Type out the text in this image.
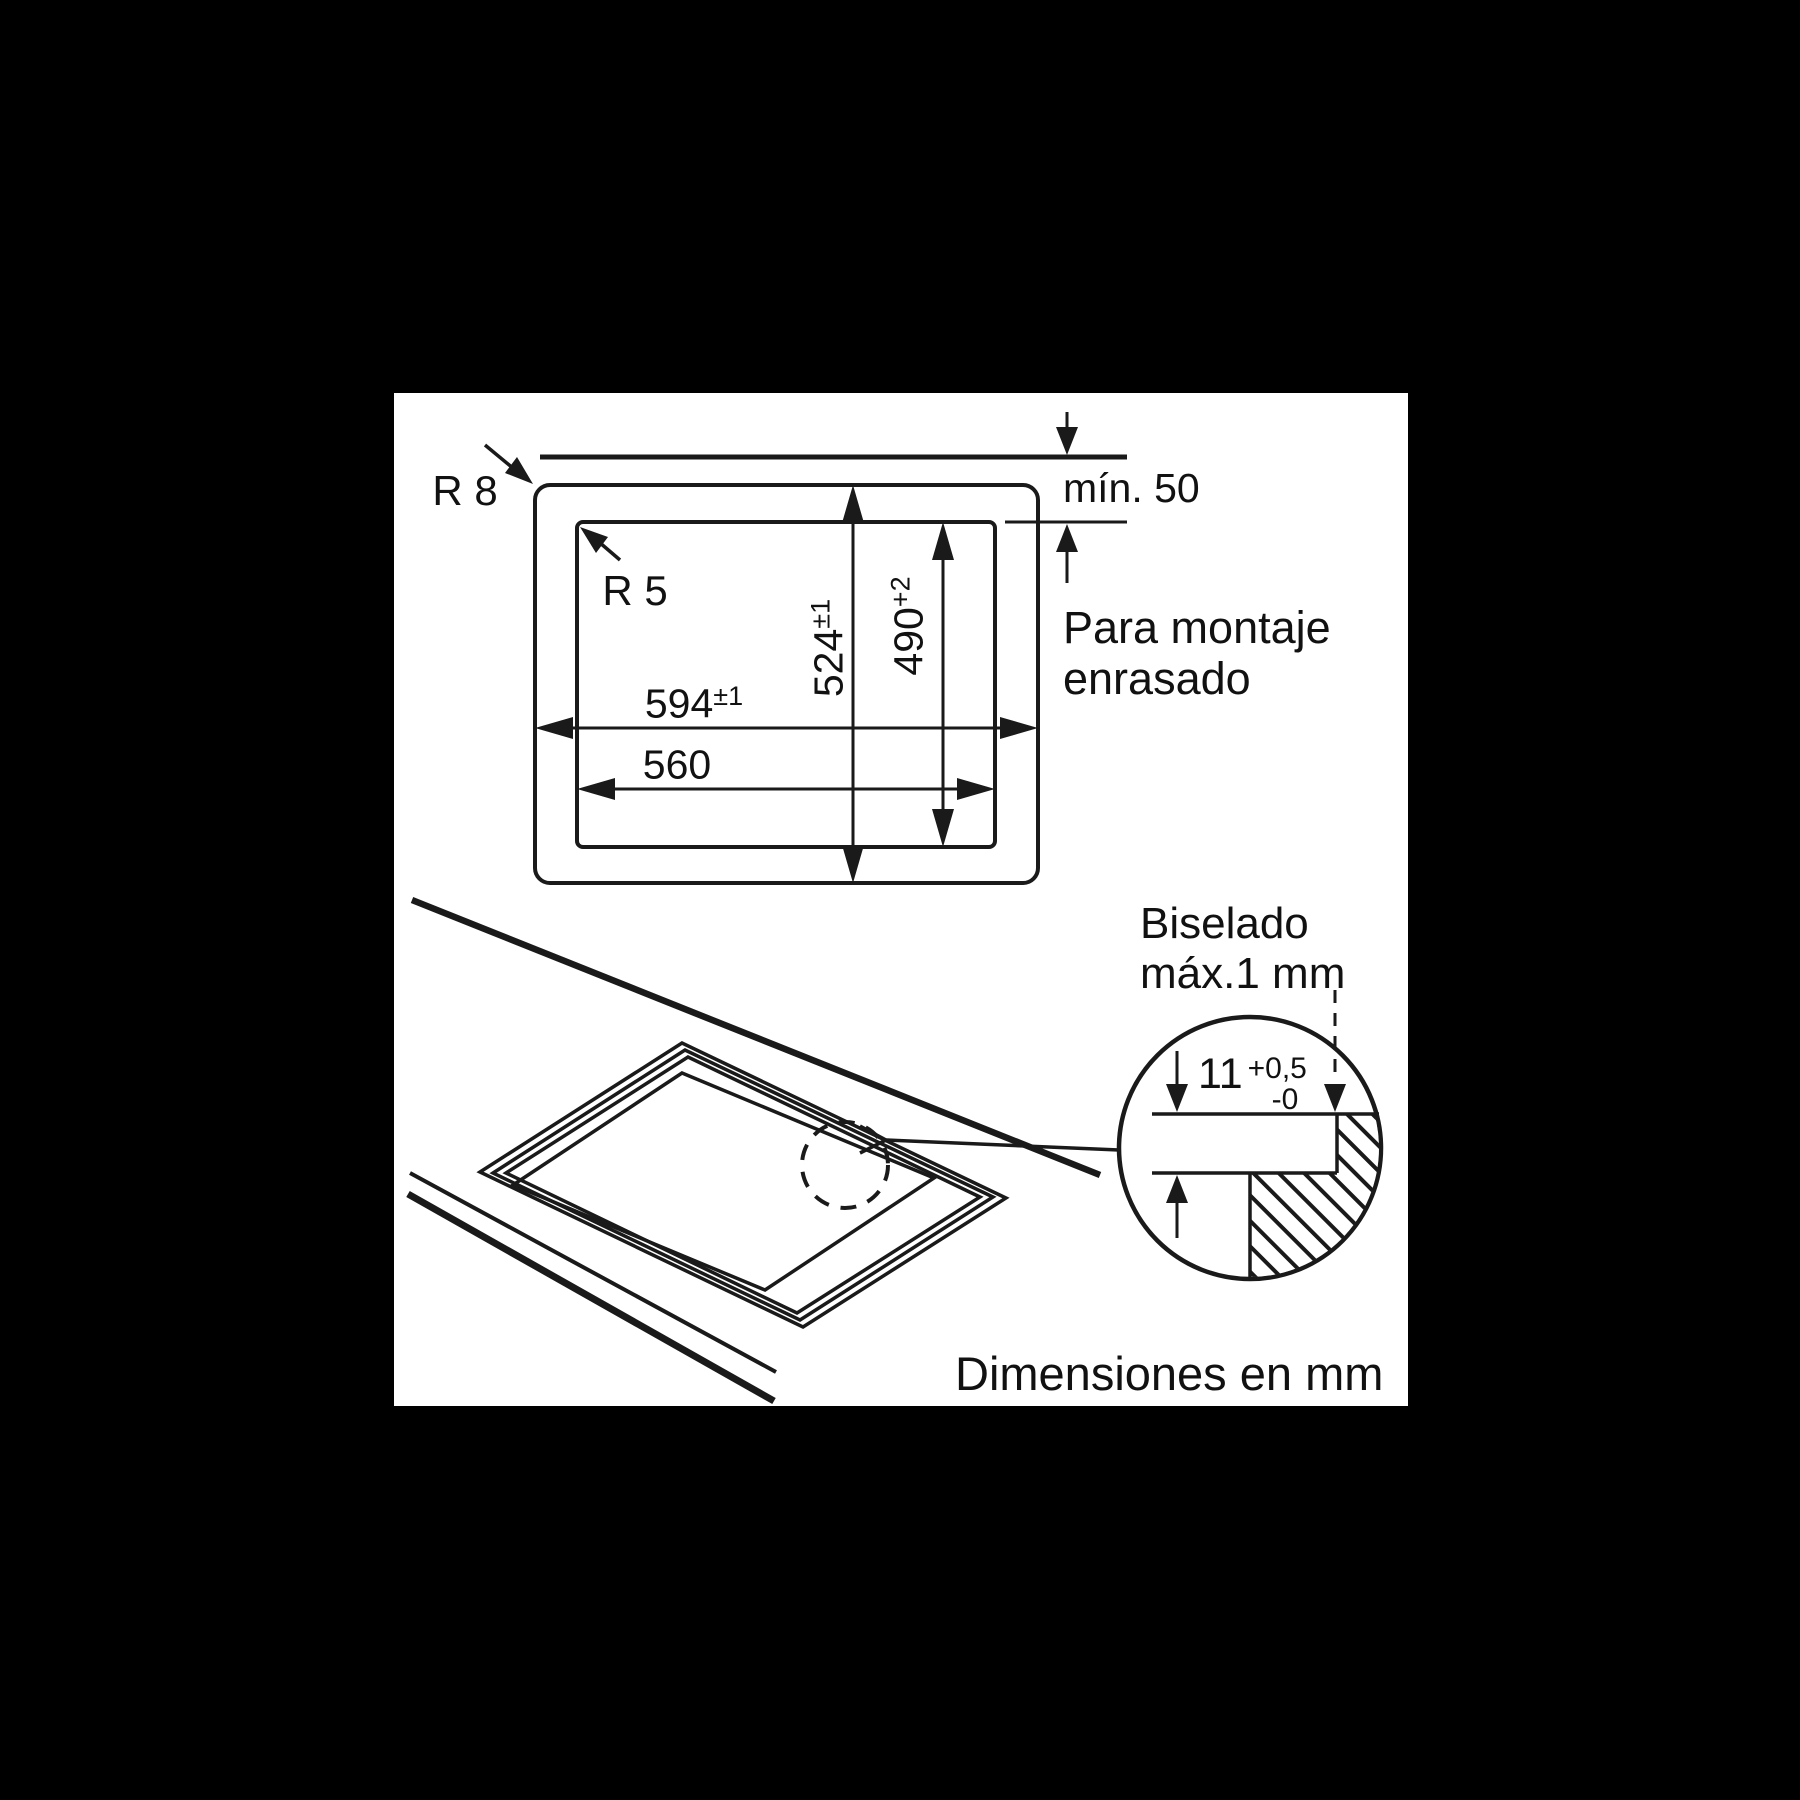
R 8
R 5
mín. 50
$594^{\pm 1}$
560
$524^{\pm 1}$	$490^{+2}$
Para montaje
enrasado
Biselado
máx.1 mm
11 +0,5
-0
Dimensiones en mm
